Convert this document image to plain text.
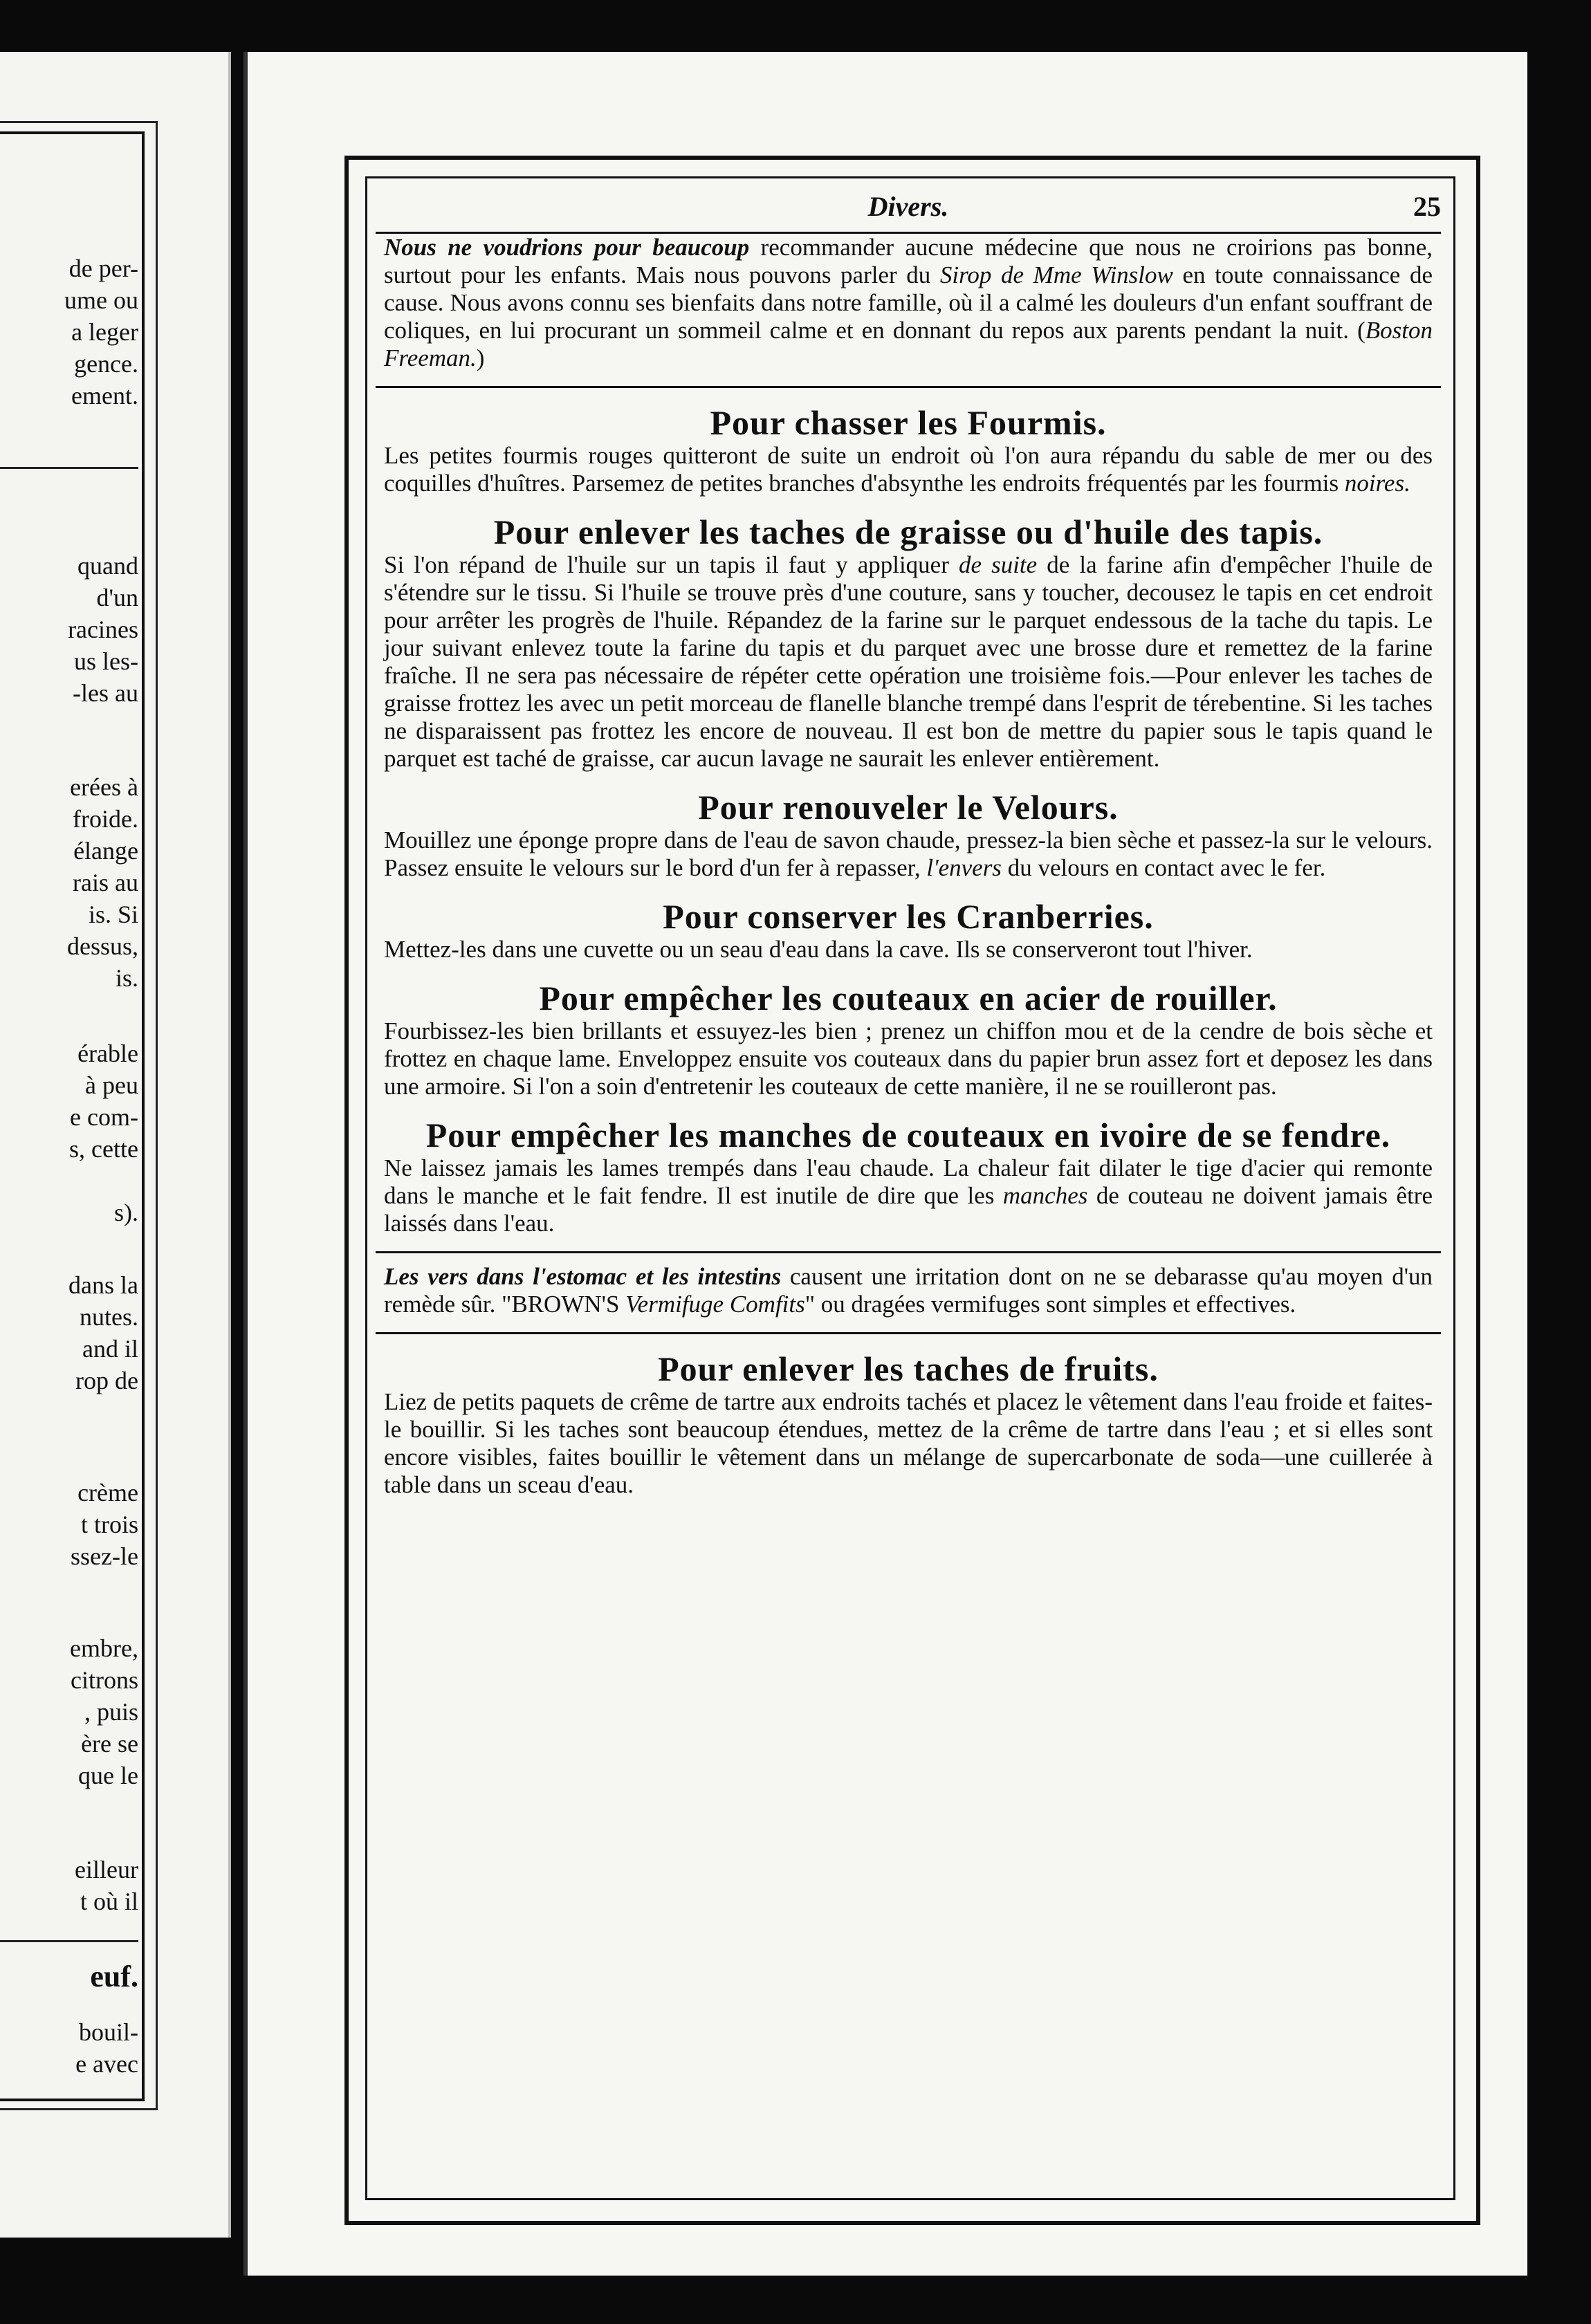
de per-
ume ou
a leger
gence.
ement.
quand
d'un
racines
us les-
-les au
erées à
froide.
élange
rais au
is. Si
dessus,
is.
érable
à peu
e com-
s, cette
s).
dans la
nutes.
and il
rop de
crème
t trois
ssez-le
embre,
citrons
, puis
ère se
que le
eilleur
t où il
euf.
bouil-
e avec
Divers.	25

Nous ne voudrions pour beaucoup recommander aucune médecine que nous ne croirions pas bonne, surtout pour les enfants. Mais nous pouvons parler du Sirop de Mme Winslow en toute connaissance de cause. Nous avons connu ses bienfaits dans notre famille, où il a calmé les douleurs d'un enfant souffrant de coliques, en lui procurant un sommeil calme et en donnant du repos aux parents pendant la nuit. (Boston Freeman.)

Pour chasser les Fourmis.

Les petites fourmis rouges quitteront de suite un endroit où l'on aura répandu du sable de mer ou des coquilles d'huîtres. Parsemez de petites branches d'absynthe les endroits fréquentés par les fourmis noires.

Pour enlever les taches de graisse ou d'huile des tapis.

Si l'on répand de l'huile sur un tapis il faut y appliquer de suite de la farine afin d'empêcher l'huile de s'étendre sur le tissu. Si l'huile se trouve près d'une couture, sans y toucher, decousez le tapis en cet endroit pour arrêter les progrès de l'huile. Répandez de la farine sur le parquet endessous de la tache du tapis. Le jour suivant enlevez toute la farine du tapis et du parquet avec une brosse dure et remettez de la farine fraîche. Il ne sera pas nécessaire de répéter cette opération une troisième fois.—Pour enlever les taches de graisse frottez les avec un petit morceau de flanelle blanche trempé dans l'esprit de térebentine. Si les taches ne disparaissent pas frottez les encore de nouveau. Il est bon de mettre du papier sous le tapis quand le parquet est taché de graisse, car aucun lavage ne saurait les enlever entièrement.

Pour renouveler le Velours.

Mouillez une éponge propre dans de l'eau de savon chaude, pressez-la bien sèche et passez-la sur le velours. Passez ensuite le velours sur le bord d'un fer à repasser, l'envers du velours en contact avec le fer.

Pour conserver les Cranberries.

Mettez-les dans une cuvette ou un seau d'eau dans la cave. Ils se conserveront tout l'hiver.

Pour empêcher les couteaux en acier de rouiller.

Fourbissez-les bien brillants et essuyez-les bien ; prenez un chiffon mou et de la cendre de bois sèche et frottez en chaque lame. Enveloppez ensuite vos couteaux dans du papier brun assez fort et deposez les dans une armoire. Si l'on a soin d'entretenir les couteaux de cette manière, il ne se rouilleront pas.

Pour empêcher les manches de couteaux en ivoire de se fendre.

Ne laissez jamais les lames trempés dans l'eau chaude. La chaleur fait dilater le tige d'acier qui remonte dans le manche et le fait fendre. Il est inutile de dire que les manches de couteau ne doivent jamais être laissés dans l'eau.

Les vers dans l'estomac et les intestins causent une irritation dont on ne se debarasse qu'au moyen d'un remède sûr. "BROWN'S Vermifuge Comfits" ou dragées vermifuges sont simples et effectives.

Pour enlever les taches de fruits.

Liez de petits paquets de crême de tartre aux endroits tachés et placez le vêtement dans l'eau froide et faites-le bouillir. Si les taches sont beaucoup étendues, mettez de la crême de tartre dans l'eau ; et si elles sont encore visibles, faites bouillir le vêtement dans un mélange de supercarbonate de soda—une cuillerée à table dans un sceau d'eau.
